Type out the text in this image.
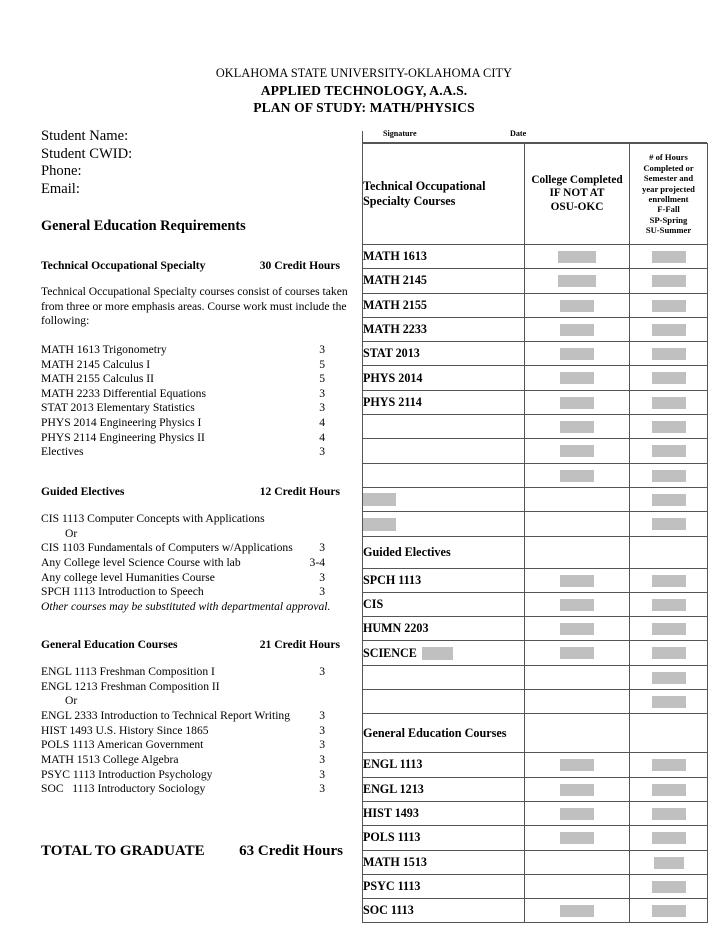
OKLAHOMA STATE UNIVERSITY-OKLAHOMA CITY
APPLIED TECHNOLOGY, A.A.S.
PLAN OF STUDY: MATH/PHYSICS
Student Name:
Student CWID:
Phone:
Email:
General Education Requirements
Technical Occupational Specialty	30 Credit Hours
Technical Occupational Specialty courses consist of courses taken from three or more emphasis areas. Course work must include the following:
MATH 1613 Trigonometry	3
MATH 2145 Calculus I	5
MATH 2155 Calculus II	5
MATH 2233 Differential Equations	3
STAT 2013 Elementary Statistics	3
PHYS 2014 Engineering Physics I	4
PHYS 2114 Engineering Physics II	4
Electives	3
Guided Electives	12 Credit Hours
CIS 1113 Computer Concepts with Applications
Or
CIS 1103 Fundamentals of Computers w/Applications 3
Any College level Science Course with lab	3-4
Any college level Humanities Course	3
SPCH 1113 Introduction to Speech	3
Other courses may be substituted with departmental approval.
General Education Courses	21 Credit Hours
ENGL 1113 Freshman Composition I	3
ENGL 1213 Freshman Composition II
Or
ENGL 2333 Introduction to Technical Report Writing	3
HIST 1493 U.S. History Since 1865	3
POLS 1113 American Government	3
MATH 1513 College Algebra	3
PSYC 1113 Introduction Psychology	3
SOC   1113 Introductory Sociology	3
TOTAL TO GRADUATE 63 Credit Hours
Signature	Date
Technical Occupational Specialty Courses	
College Completed
IF NOT AT
OSU-OKC

# of Hours
Completed or
Semester and
year projected
enrollment
F-Fall
SP-Spring
SU-Summer

MATH 1613		
MATH 2145		
MATH 2155		
MATH 2233		
STAT 2013		
PHYS 2014		
PHYS 2114		

Guided Electives		
SPCH 1113		
CIS		
HUMN 2203		
SCIENCE		

General Education Courses		
ENGL 1113		
ENGL 1213		
HIST 1493		
POLS 1113		
MATH 1513		
PSYC 1113		
SOC 1113		
